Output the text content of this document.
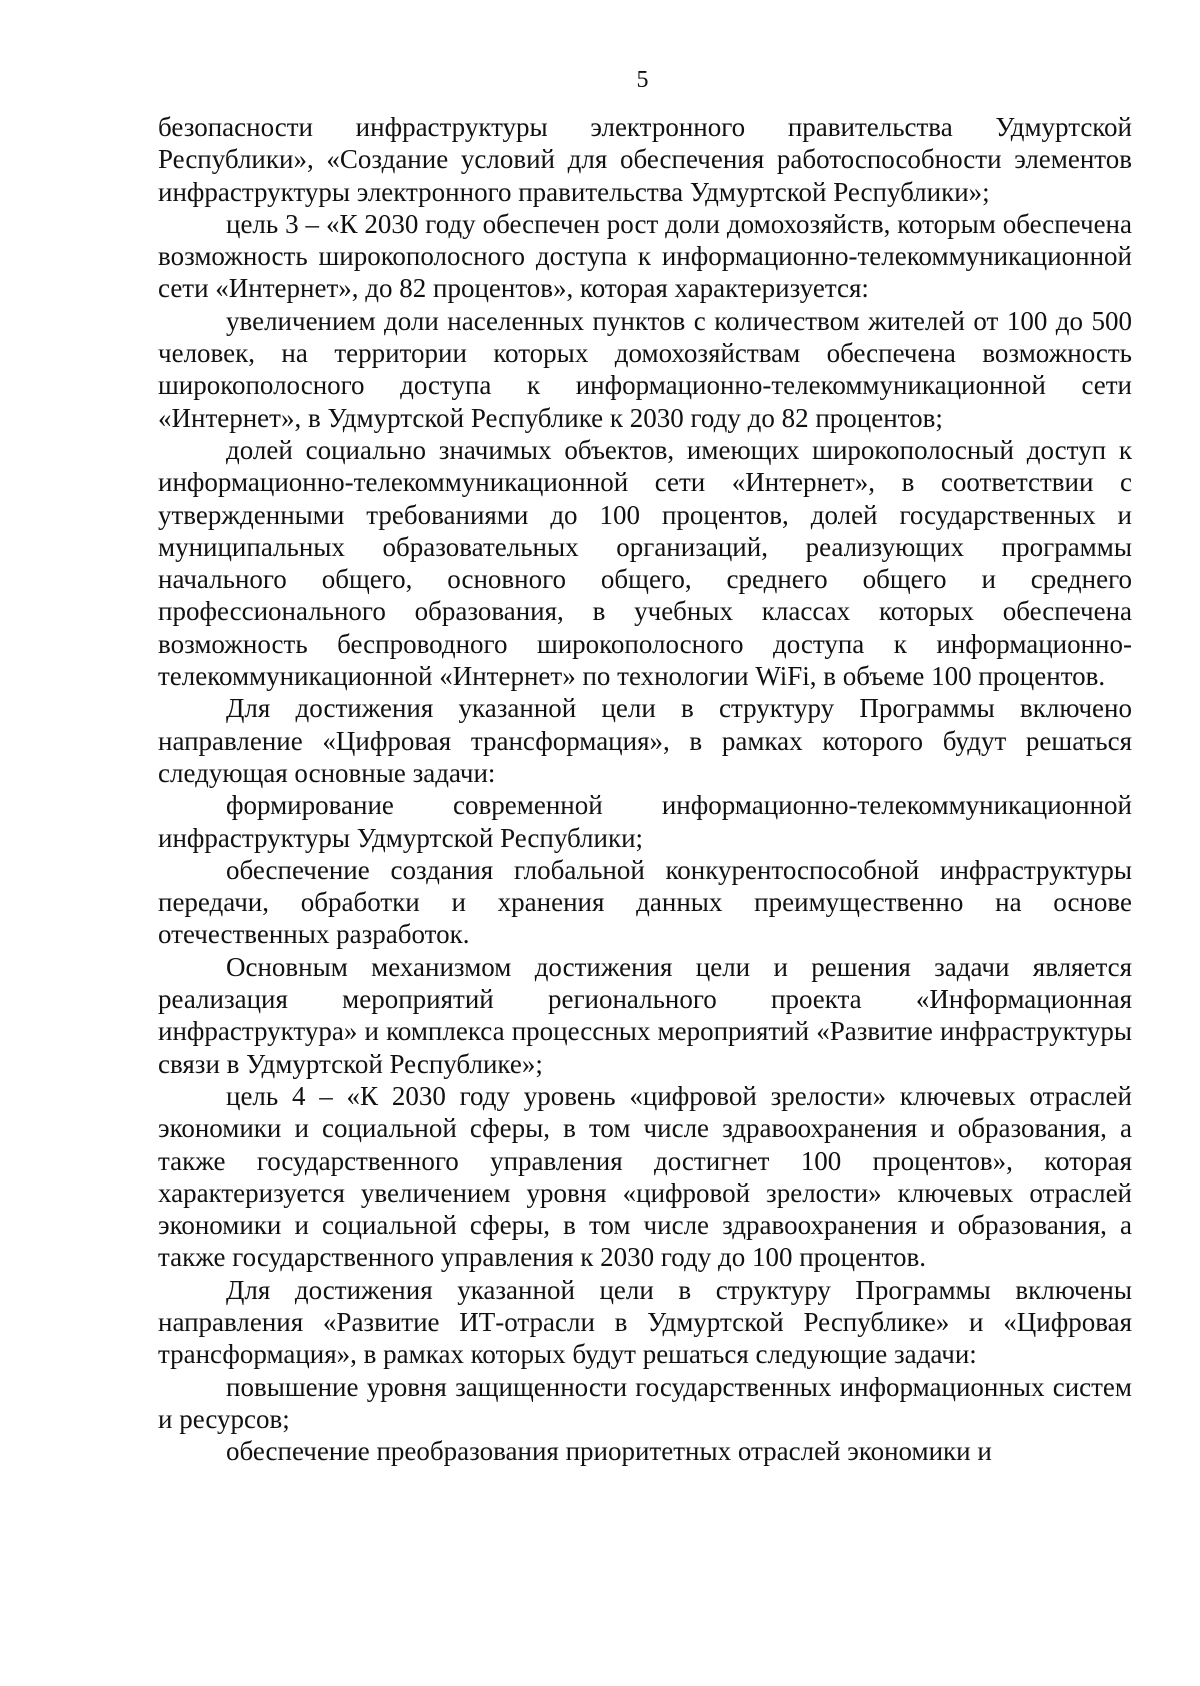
5

безопасности инфраструктуры электронного правительства Удмуртской Республики», «Создание условий для обеспечения работоспособности элементов инфраструктуры электронного правительства Удмуртской Республики»;

цель 3 – «К 2030 году обеспечен рост доли домохозяйств, которым обеспечена возможность широкополосного доступа к информационно-телекоммуникационной сети «Интернет», до 82 процентов», которая характеризуется:

увеличением доли населенных пунктов с количеством жителей от 100 до 500 человек, на территории которых домохозяйствам обеспечена возможность широкополосного доступа к информационно-телекоммуникационной сети «Интернет», в Удмуртской Республике к 2030 году до 82 процентов;

долей социально значимых объектов, имеющих широкополосный доступ к информационно-телекоммуникационной сети «Интернет», в соответствии с утвержденными требованиями до 100 процентов, долей государственных и муниципальных образовательных организаций, реализующих программы начального общего, основного общего, среднего общего и среднего профессионального образования, в учебных классах которых обеспечена возможность беспроводного широкополосного доступа к информационно-телекоммуникационной «Интернет» по технологии WiFi, в объеме 100 процентов.

Для достижения указанной цели в структуру Программы включено направление «Цифровая трансформация», в рамках которого будут решаться следующая основные задачи:

формирование современной информационно-телекоммуникационной инфраструктуры Удмуртской Республики;

обеспечение создания глобальной конкурентоспособной инфраструктуры передачи, обработки и хранения данных преимущественно на основе отечественных разработок.

Основным механизмом достижения цели и решения задачи является реализация мероприятий регионального проекта «Информационная инфраструктура» и комплекса процессных мероприятий «Развитие инфраструктуры связи в Удмуртской Республике»;

цель 4 – «К 2030 году уровень «цифровой зрелости» ключевых отраслей экономики и социальной сферы, в том числе здравоохранения и образования, а также государственного управления достигнет 100 процентов», которая характеризуется увеличением уровня «цифровой зрелости» ключевых отраслей экономики и социальной сферы, в том числе здравоохранения и образования, а также государственного управления к 2030 году до 100 процентов.

Для достижения указанной цели в структуру Программы включены направления «Развитие ИТ-отрасли в Удмуртской Республике» и «Цифровая трансформация», в рамках которых будут решаться следующие задачи:

повышение уровня защищенности государственных информационных систем и ресурсов;

обеспечение преобразования приоритетных отраслей экономики и
